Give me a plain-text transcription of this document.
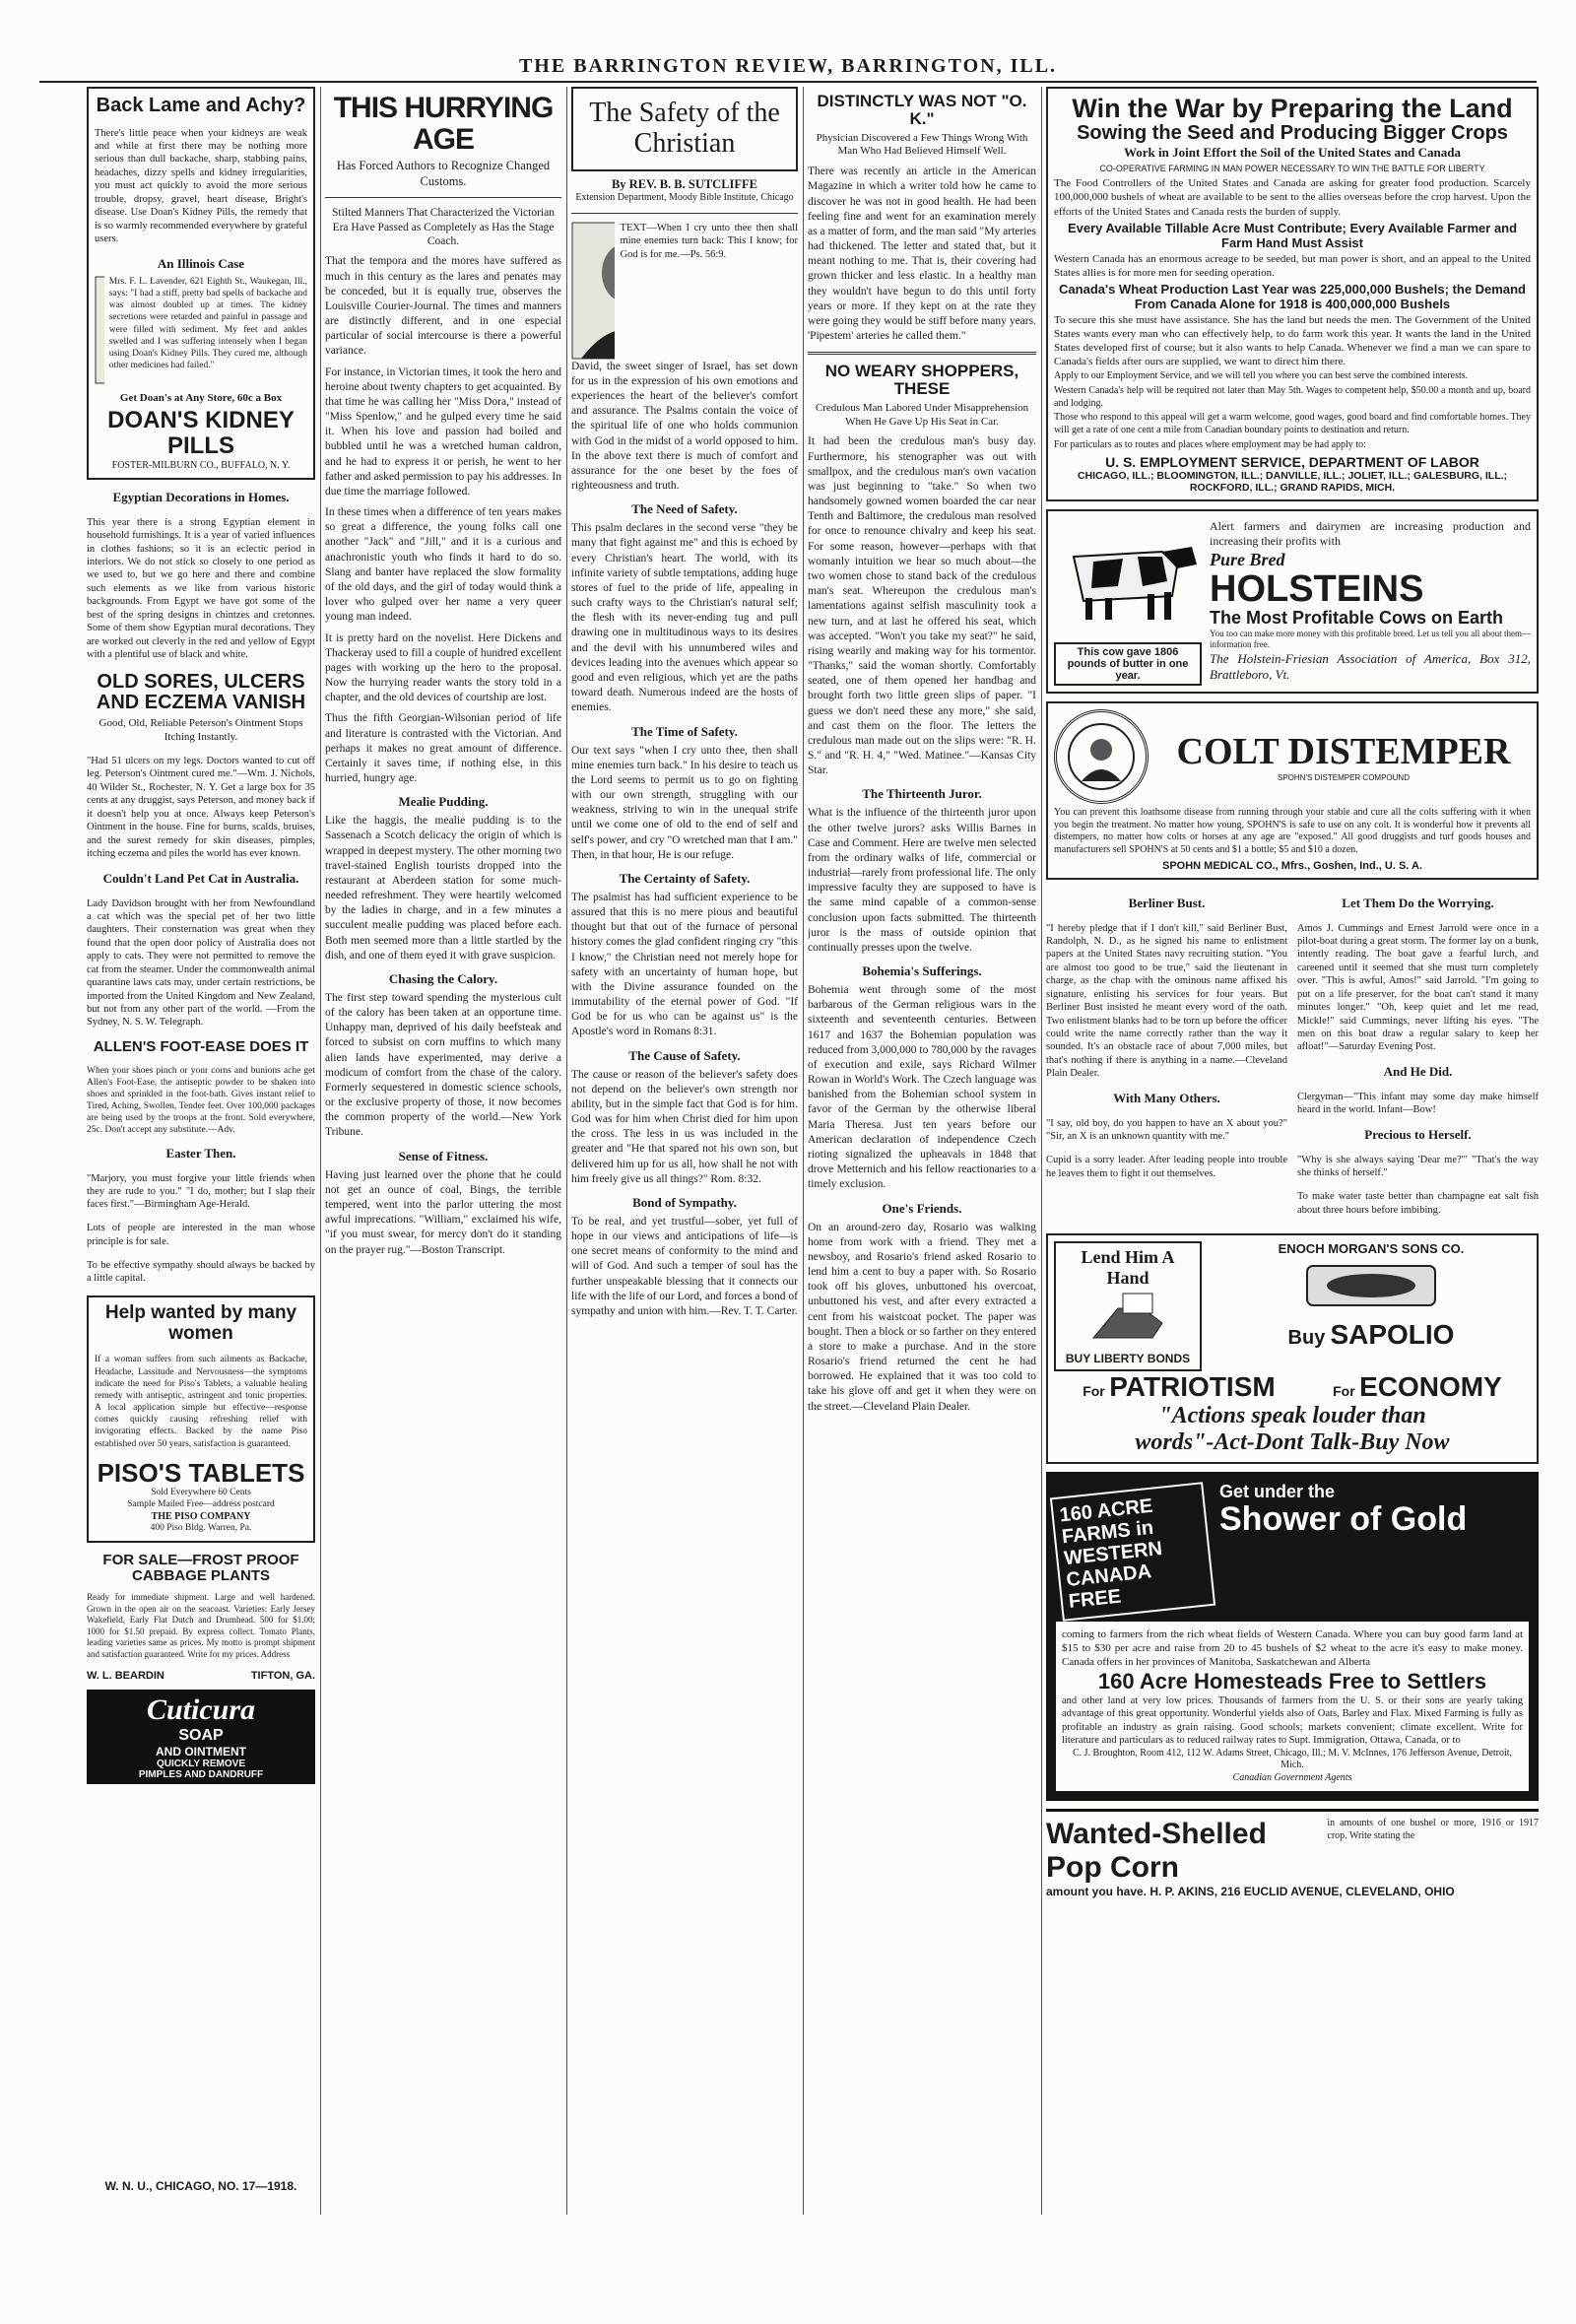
THE BARRINGTON REVIEW, BARRINGTON, ILL.
Back Lame and Achy?

There's little peace when your kidneys are weak and while at first there may be nothing more serious than dull backache, sharp, stabbing pains, headaches, dizzy spells and kidney irregularities, you must act quickly to avoid the more serious trouble, dropsy, gravel, heart disease, Bright's disease. Use Doan's Kidney Pills, the remedy that is so warmly recommended everywhere by grateful users.

An Illinois Case

Mrs. F. L. Lavender, 621 Eighth St., Waukegan, Ill., says: "I had a stiff, pretty bad spells of backache and was almost doubled up at times. The kidney secretions were retarded and painful in passage and were filled with sediment. My feet and ankles swelled and I was suffering intensely when I began using Doan's Kidney Pills. They cured me, although other medicines had failed."

Get Doan's at Any Store, 60c a Box
DOAN'S KIDNEY PILLS
FOSTER-MILBURN CO., BUFFALO, N. Y.
Egyptian Decorations in Homes.

This year there is a strong Egyptian element in household furnishings. It is a year of varied influences in clothes fashions; so it is an eclectic period in interiors. We do not stick so closely to one period as we used to, but we go here and there and combine such elements as we like from various historic backgrounds. From Egypt we have got some of the best of the spring designs in chintzes and cretonnes. Some of them show Egyptian mural decorations. They are worked out cleverly in the red and yellow of Egypt with a plentiful use of black and white.

OLD SORES, ULCERS AND ECZEMA VANISH
Good, Old, Reliable Peterson's Ointment Stops Itching Instantly.

"Had 51 ulcers on my legs. Doctors wanted to cut off leg. Peterson's Ointment cured me."—Wm. J. Nichols, 40 Wilder St., Rochester, N. Y. Get a large box for 35 cents at any druggist, says Peterson, and money back if it doesn't help you at once. Always keep Peterson's Ointment in the house. Fine for burns, scalds, bruises, and the surest remedy for skin diseases, pimples, itching eczema and piles the world has ever known.

Couldn't Land Pet Cat in Australia.

Lady Davidson brought with her from Newfoundland a cat which was the special pet of her two little daughters. Their consternation was great when they found that the open door policy of Australia does not apply to cats. They were not permitted to remove the cat from the steamer. Under the commonwealth animal quarantine laws cats may, under certain restrictions, be imported from the United Kingdom and New Zealand, but not from any other part of the world. —From the Sydney, N. S. W. Telegraph.

ALLEN'S FOOT-EASE DOES IT

When your shoes pinch or your corns and bunions ache get Allen's Foot-Ease, the antiseptic powder to be shaken into shoes and sprinkled in the foot-bath. Gives instant relief to Tired, Aching, Swollen, Tender feet. Over 100,000 packages are being used by the troops at the front. Sold everywhere, 25c. Don't accept any substitute.—Adv.

Easter Then.

"Marjory, you must forgive your little friends when they are rude to you." "I do, mother; but I slap their faces first."—Birmingham Age-Herald.

Lots of people are interested in the man whose principle is for sale.

To be effective sympathy should always be backed by a little capital.

Help wanted by many women

If a woman suffers from such ailments as Backache, Headache, Lassitude and Nervousness—the symptoms indicate the need for Piso's Tablets, a valuable healing remedy with antiseptic, astringent and tonic properties. A local application simple but effective—response comes quickly causing refreshing relief with invigorating effects. Backed by the name Piso established over 50 years, satisfaction is guaranteed.

PISO'S TABLETS
Sold Everywhere 60 Cents
Sample Mailed Free—address postcard
THE PISO COMPANY
400 Piso Bldg. Warren, Pa.
FOR SALE—FROST PROOF CABBAGE PLANTS

Ready for immediate shipment. Large and well hardened. Grown in the open air on the seacoast. Varieties: Early Jersey Wakefield, Early Flat Dutch and Drumhead. 500 for $1.00; 1000 for $1.50 prepaid. By express collect. Tomato Plants, leading varieties same as prices. My motto is prompt shipment and satisfaction guaranteed. Write for my prices. Address

W. L. BEARDIN	TIFTON, GA.
Cuticura
SOAP
AND OINTMENT
QUICKLY REMOVE
PIMPLES AND DANDRUFF
W. N. U., CHICAGO, NO. 17—1918.
THIS HURRYING AGE
Has Forced Authors to Recognize Changed Customs.
Stilted Manners That Characterized the Victorian Era Have Passed as Completely as Has the Stage Coach.

That the tempora and the mores have suffered as much in this century as the lares and penates may be conceded, but it is equally true, observes the Louisville Courier-Journal. The times and manners are distinctly different, and in one especial particular of social intercourse is there a powerful variance.

For instance, in Victorian times, it took the hero and heroine about twenty chapters to get acquainted. By that time he was calling her "Miss Dora," instead of "Miss Spenlow," and he gulped every time he said it. When his love and passion had boiled and bubbled until he was a wretched human caldron, and he had to express it or perish, he went to her father and asked permission to pay his addresses. In due time the marriage followed.

In these times when a difference of ten years makes so great a difference, the young folks call one another "Jack" and "Jill," and it is a curious and anachronistic youth who finds it hard to do so. Slang and banter have replaced the slow formality of the old days, and the girl of today would think a lover who gulped over her name a very queer young man indeed.

It is pretty hard on the novelist. Here Dickens and Thackeray used to fill a couple of hundred excellent pages with working up the hero to the proposal. Now the hurrying reader wants the story told in a chapter, and the old devices of courtship are lost.

Thus the fifth Georgian-Wilsonian period of life and literature is contrasted with the Victorian. And perhaps it makes no great amount of difference. Certainly it saves time, if nothing else, in this hurried, hungry age.

Mealie Pudding.

Like the haggis, the mealie pudding is to the Sassenach a Scotch delicacy the origin of which is wrapped in deepest mystery. The other morning two travel-stained English tourists dropped into the restaurant at Aberdeen station for some much-needed refreshment. They were heartily welcomed by the ladies in charge, and in a few minutes a succulent mealie pudding was placed before each. Both men seemed more than a little startled by the dish, and one of them eyed it with grave suspicion.

Chasing the Calory.

The first step toward spending the mysterious cult of the calory has been taken at an opportune time. Unhappy man, deprived of his daily beefsteak and forced to subsist on corn muffins to which many alien lands have experimented, may derive a modicum of comfort from the chase of the calory. Formerly sequestered in domestic science schools, or the exclusive property of those, it now becomes the common property of the world.—New York Tribune.

Sense of Fitness.

Having just learned over the phone that he could not get an ounce of coal, Bings, the terrible tempered, went into the parlor uttering the most awful imprecations. "William," exclaimed his wife, "if you must swear, for mercy don't do it standing on the prayer rug."—Boston Transcript.

The Safety of the Christian
By REV. B. B. SUTCLIFFE
Extension Department, Moody Bible Institute, Chicago

TEXT—When I cry unto thee then shall mine enemies turn back: This I know; for God is for me.—Ps. 56:9.

David, the sweet singer of Israel, has set down for us in the expression of his own emotions and experiences the heart of the believer's comfort and assurance. The Psalms contain the voice of the spiritual life of one who holds communion with God in the midst of a world opposed to him. In the above text there is much of comfort and assurance for the one beset by the foes of righteousness and truth.

The Need of Safety.

This psalm declares in the second verse "they be many that fight against me" and this is echoed by every Christian's heart. The world, with its infinite variety of subtle temptations, adding huge stores of fuel to the pride of life, appealing in such crafty ways to the Christian's natural self; the flesh with its never-ending tug and pull drawing one in multitudinous ways to its desires and the devil with his unnumbered wiles and devices leading into the avenues which appear so good and even religious, which yet are the paths toward death. Numerous indeed are the hosts of enemies.

The Time of Safety.

Our text says "when I cry unto thee, then shall mine enemies turn back." In his desire to teach us the Lord seems to permit us to go on fighting with our own strength, struggling with our weakness, striving to win in the unequal strife until we come one of old to the end of self and self's power, and cry "O wretched man that I am." Then, in that hour, He is our refuge.

The Certainty of Safety.

The psalmist has had sufficient experience to be assured that this is no mere pious and beautiful thought but that out of the furnace of personal history comes the glad confident ringing cry "this I know," the Christian need not merely hope for safety with an uncertainty of human hope, but with the Divine assurance founded on the immutability of the eternal power of God. "If God be for us who can be against us" is the Apostle's word in Romans 8:31.

The Cause of Safety.

The cause or reason of the believer's safety does not depend on the believer's own strength nor ability, but in the simple fact that God is for him. God was for him when Christ died for him upon the cross. The less in us was included in the greater and "He that spared not his own son, but delivered him up for us all, how shall he not with him freely give us all things?" Rom. 8:32.

Bond of Sympathy.

To be real, and yet trustful—sober, yet full of hope in our views and anticipations of life—is one secret means of conformity to the mind and will of God. And such a temper of soul has the further unspeakable blessing that it connects our life with the life of our Lord, and forces a bond of sympathy and union with him.—Rev. T. T. Carter.

DISTINCTLY WAS NOT "O. K."
Physician Discovered a Few Things Wrong With Man Who Had Believed Himself Well.

There was recently an article in the American Magazine in which a writer told how he came to discover he was not in good health. He had been feeling fine and went for an examination merely as a matter of form, and the man said "My arteries had thickened. The letter and stated that, but it meant nothing to me. That is, their covering had grown thicker and less elastic. In a healthy man they wouldn't have begun to do this until forty years or more. If they kept on at the rate they were going they would be stiff before many years. 'Pipestem' arteries he called them."

NO WEARY SHOPPERS, THESE
Credulous Man Labored Under Misapprehension When He Gave Up His Seat in Car.

It had been the credulous man's busy day. Furthermore, his stenographer was out with smallpox, and the credulous man's own vacation was just beginning to "take." So when two handsomely gowned women boarded the car near Tenth and Baltimore, the credulous man resolved for once to renounce chivalry and keep his seat. For some reason, however—perhaps with that womanly intuition we hear so much about—the two women chose to stand back of the credulous man's seat. Whereupon the credulous man's lamentations against selfish masculinity took a new turn, and at last he offered his seat, which was accepted. "Won't you take my seat?" he said, rising wearily and making way for his tormentor. "Thanks," said the woman shortly. Comfortably seated, one of them opened her handbag and brought forth two little green slips of paper. "I guess we don't need these any more," she said, and cast them on the floor. The letters the credulous man made out on the slips were: "R. H. S." and "R. H. 4," "Wed. Matinee."—Kansas City Star.

The Thirteenth Juror.

What is the influence of the thirteenth juror upon the other twelve jurors? asks Willis Barnes in Case and Comment. Here are twelve men selected from the ordinary walks of life, commercial or industrial—rarely from professional life. The only impressive faculty they are supposed to have is the same mind capable of a common-sense conclusion upon facts submitted. The thirteenth juror is the mass of outside opinion that continually presses upon the twelve.

Bohemia's Sufferings.

Bohemia went through some of the most barbarous of the German religious wars in the sixteenth and seventeenth centuries. Between 1617 and 1637 the Bohemian population was reduced from 3,000,000 to 780,000 by the ravages of execution and exile, says Richard Wilmer Rowan in World's Work. The Czech language was banished from the Bohemian school system in favor of the German by the otherwise liberal Maria Theresa. Just ten years before our American declaration of independence Czech rioting signalized the upheavals in 1848 that drove Metternich and his fellow reactionaries to a timely exclusion.

One's Friends.

On an around-zero day, Rosario was walking home from work with a friend. They met a newsboy, and Rosario's friend asked Rosario to lend him a cent to buy a paper with. So Rosario took off his gloves, unbuttoned his overcoat, unbuttoned his vest, and after every extracted a cent from his waistcoat pocket. The paper was bought. Then a block or so farther on they entered a store to make a purchase. And in the store Rosario's friend returned the cent he had borrowed. He explained that it was too cold to take his glove off and get it when they were on the street.—Cleveland Plain Dealer.

Win the War by Preparing the Land
Sowing the Seed and Producing Bigger Crops
Work in Joint Effort the Soil of the United States and Canada
CO-OPERATIVE FARMING IN MAN POWER NECESSARY TO WIN THE BATTLE FOR LIBERTY

The Food Controllers of the United States and Canada are asking for greater food production. Scarcely 100,000,000 bushels of wheat are available to be sent to the allies overseas before the crop harvest. Upon the efforts of the United States and Canada rests the burden of supply.

Every Available Tillable Acre Must Contribute; Every Available Farmer and Farm Hand Must Assist

Western Canada has an enormous acreage to be seeded, but man power is short, and an appeal to the United States allies is for more men for seeding operation.

Canada's Wheat Production Last Year was 225,000,000 Bushels; the Demand From Canada Alone for 1918 is 400,000,000 Bushels

To secure this she must have assistance. She has the land but needs the men. The Government of the United States wants every man who can effectively help, to do farm work this year. It wants the land in the United States developed first of course; but it also wants to help Canada. Whenever we find a man we can spare to Canada's fields after ours are supplied, we want to direct him there.

Apply to our Employment Service, and we will tell you where you can best serve the combined interests.

Western Canada's help will be required not later than May 5th. Wages to competent help, $50.00 a month and up, board and lodging.

Those who respond to this appeal will get a warm welcome, good wages, good board and find comfortable homes. They will get a rate of one cent a mile from Canadian boundary points to destination and return.

For particulars as to routes and places where employment may be had apply to:

U. S. EMPLOYMENT SERVICE, DEPARTMENT OF LABOR
CHICAGO, ILL.; BLOOMINGTON, ILL.; DANVILLE, ILL.; JOLIET, ILL.; GALESBURG, ILL.; ROCKFORD, ILL.; GRAND RAPIDS, MICH.
This cow gave 1806 pounds of butter in one year.
Alert farmers and dairymen are increasing production and increasing their profits with
Pure Bred
HOLSTEINS
The Most Profitable Cows on Earth
You too can make more money with this profitable breed. Let us tell you all about them—information free.
The Holstein-Friesian Association of America, Box 312, Brattleboro, Vt.
COLT DISTEMPER
SPOHN'S DISTEMPER COMPOUND

You can prevent this loathsome disease from running through your stable and cure all the colts suffering with it when you begin the treatment. No matter how young, SPOHN'S is safe to use on any colt. It is wonderful how it prevents all distempers, no matter how colts or horses at any age are "exposed." All good druggists and turf goods houses and manufacturers sell SPOHN'S at 50 cents and $1 a bottle; $5 and $10 a dozen.

SPOHN MEDICAL CO., Mfrs., Goshen, Ind., U. S. A.
Berliner Bust.

"I hereby pledge that if I don't kill," said Berliner Bust, Randolph, N. D., as he signed his name to enlistment papers at the United States navy recruiting station. "You are almost too good to be true," said the lieutenant in charge, as the chap with the ominous name affixed his signature, enlisting his services for four years. But Berliner Bust insisted he meant every word of the oath. Two enlistment blanks had to be torn up before the officer could write the name correctly rather than the way it sounded. It's an obstacle race of about 7,000 miles, but that's nothing if there is anything in a name.—Cleveland Plain Dealer.

With Many Others.

"I say, old boy, do you happen to have an X about you?" "Sir, an X is an unknown quantity with me."

Cupid is a sorry leader. After leading people into trouble he leaves them to fight it out themselves.

Let Them Do the Worrying.

Amos J. Cummings and Ernest Jarrold were once in a pilot-boat during a great storm. The former lay on a bunk, intently reading. The boat gave a fearful lurch, and careened until it seemed that she must turn completely over. "This is awful, Amos!" said Jarrold. "I'm going to put on a life preserver, for the boat can't stand it many minutes longer." "Oh, keep quiet and let me read, Mickle!" said Cummings, never lifting his eyes. "The men on this boat draw a regular salary to keep her afloat!"—Saturday Evening Post.

And He Did.

Clergyman—"This infant may some day make himself heard in the world. Infant—Bow!

Precious to Herself.

"Why is she always saying 'Dear me?'" "That's the way she thinks of herself."

To make water taste better than champagne eat salt fish about three hours before imbibing.

Lend Him A Hand
BUY LIBERTY BONDS
ENOCH MORGAN'S SONS CO.
Buy SAPOLIO
For PATRIOTISM	For ECONOMY
"Actions speak louder than
words"-Act-Dont Talk-Buy Now
160 ACRE FARMS in WESTERN CANADA FREE
Get under the
Shower of Gold

coming to farmers from the rich wheat fields of Western Canada. Where you can buy good farm land at $15 to $30 per acre and raise from 20 to 45 bushels of $2 wheat to the acre it's easy to make money. Canada offers in her provinces of Manitoba, Saskatchewan and Alberta

160 Acre Homesteads Free to Settlers

and other land at very low prices. Thousands of farmers from the U. S. or their sons are yearly taking advantage of this great opportunity. Wonderful yields also of Oats, Barley and Flax. Mixed Farming is fully as profitable an industry as grain raising. Good schools; markets convenient; climate excellent. Write for literature and particulars as to reduced railway rates to Supt. Immigration, Ottawa, Canada, or to

C. J. Broughton, Room 412, 112 W. Adams Street, Chicago, Ill.; M. V. McInnes, 176 Jefferson Avenue, Detroit, Mich.
Canadian Government Agents
Wanted-Shelled Pop Corn
in amounts of one bushel or more, 1916 or 1917 crop. Write stating the
amount you have. H. P. AKINS, 216 EUCLID AVENUE, CLEVELAND, OHIO
